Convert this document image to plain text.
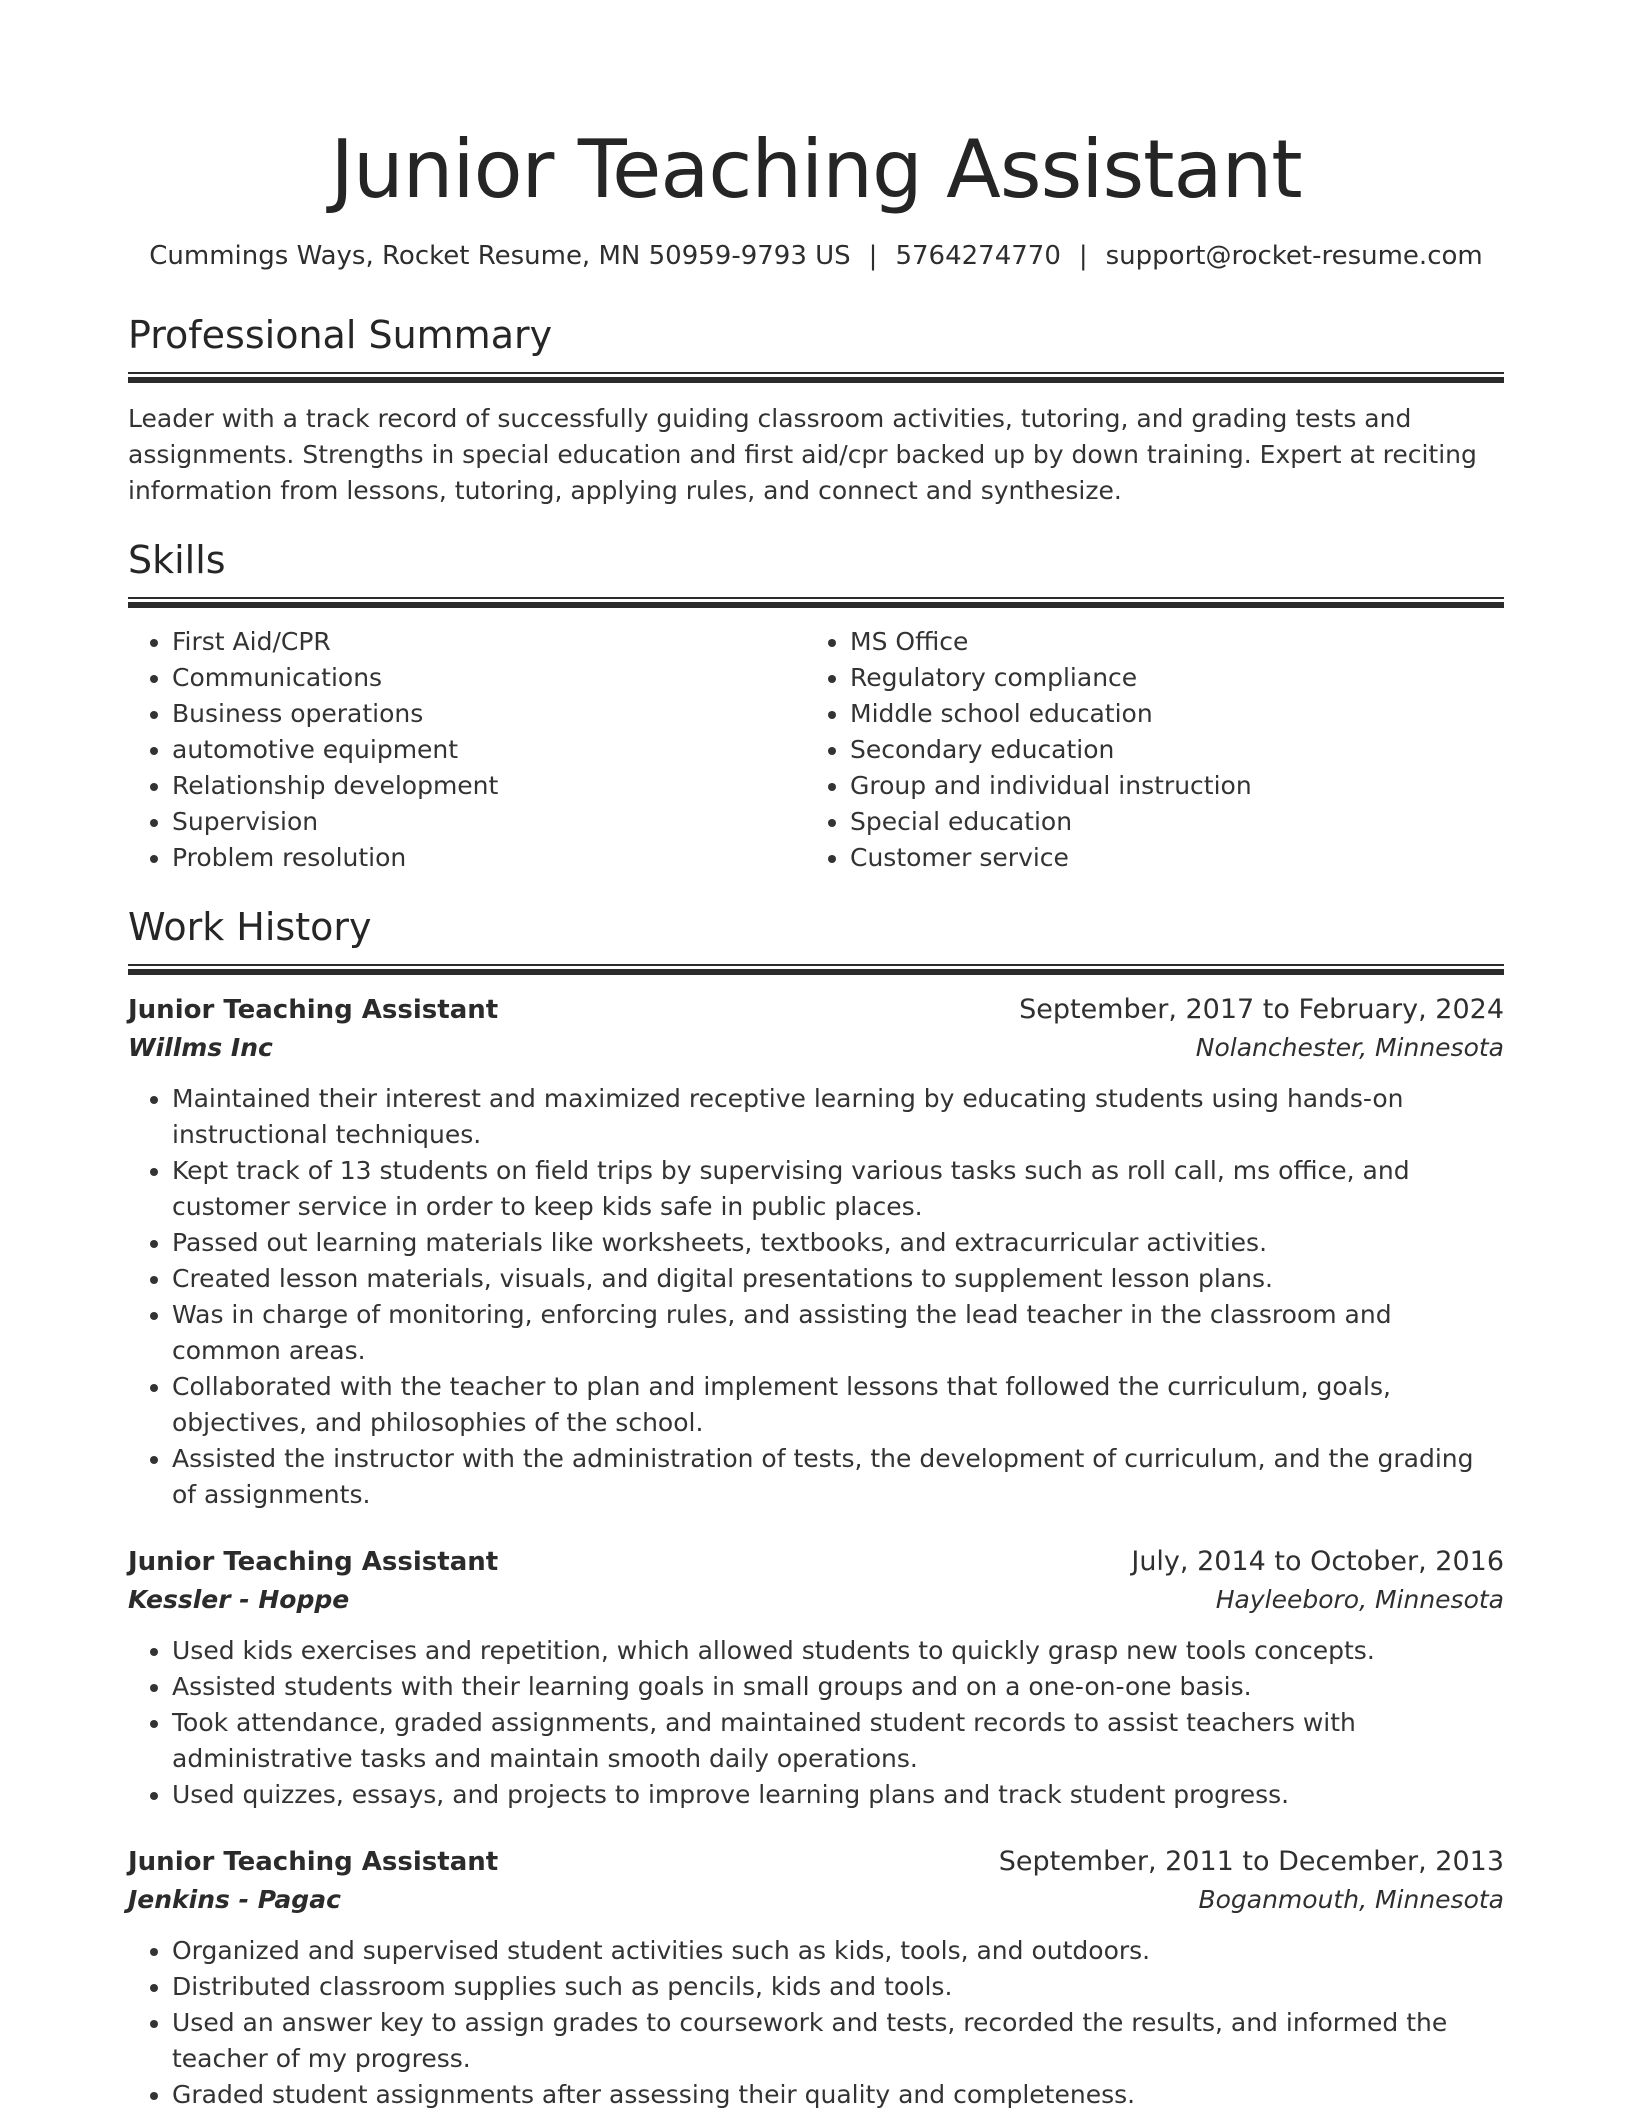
Junior Teaching Assistant
Cummings Ways, Rocket Resume, MN 50959-9793 US | 5764274770 | support@rocket-resume.com
Professional Summary

Leader with a track record of successfully guiding classroom activities, tutoring, and grading tests and assignments. Strengths in special education and first aid/cpr backed up by down training. Expert at reciting information from lessons, tutoring, applying rules, and connect and synthesize.

Skills
• First Aid/CPR
• Communications
• Business operations
• automotive equipment
• Relationship development
• Supervision
• Problem resolution
• MS Office
• Regulatory compliance
• Middle school education
• Secondary education
• Group and individual instruction
• Special education
• Customer service
Work History
Junior Teaching Assistant	September, 2017 to February, 2024
Willms Inc	Nolanchester, Minnesota
• Maintained their interest and maximized receptive learning by educating students using hands-on instructional techniques.
• Kept track of 13 students on field trips by supervising various tasks such as roll call, ms office, and customer service in order to keep kids safe in public places.
• Passed out learning materials like worksheets, textbooks, and extracurricular activities.
• Created lesson materials, visuals, and digital presentations to supplement lesson plans.
• Was in charge of monitoring, enforcing rules, and assisting the lead teacher in the classroom and common areas.
• Collaborated with the teacher to plan and implement lessons that followed the curriculum, goals, objectives, and philosophies of the school.
• Assisted the instructor with the administration of tests, the development of curriculum, and the grading of assignments.
Junior Teaching Assistant	July, 2014 to October, 2016
Kessler - Hoppe	Hayleeboro, Minnesota
• Used kids exercises and repetition, which allowed students to quickly grasp new tools concepts.
• Assisted students with their learning goals in small groups and on a one-on-one basis.
• Took attendance, graded assignments, and maintained student records to assist teachers with administrative tasks and maintain smooth daily operations.
• Used quizzes, essays, and projects to improve learning plans and track student progress.
Junior Teaching Assistant	September, 2011 to December, 2013
Jenkins - Pagac	Boganmouth, Minnesota
• Organized and supervised student activities such as kids, tools, and outdoors.
• Distributed classroom supplies such as pencils, kids and tools.
• Used an answer key to assign grades to coursework and tests, recorded the results, and informed the teacher of my progress.
• Graded student assignments after assessing their quality and completeness.
